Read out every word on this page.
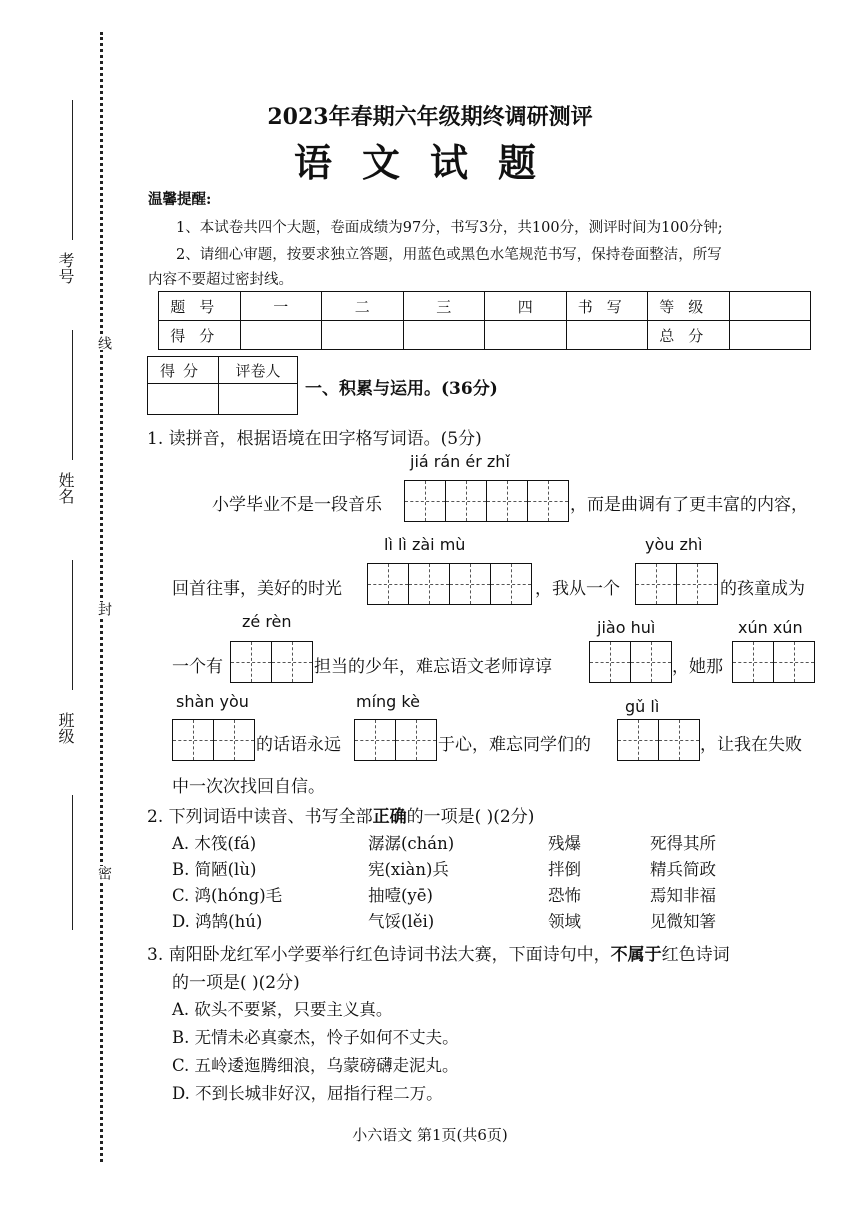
考号
姓名
班级
线
封
密
2023年春期六年级期终调研测评
语文试题
温馨提醒:
1、本试卷共四个大题，卷面成绩为97分，书写3分，共100分，测评时间为100分钟;
2、请细心审题，按要求独立答题，用蓝色或黑色水笔规范书写，保持卷面整洁，所写
内容不要超过密封线。
题号	一	二	三	四	书写	等级	
得分						总分	
得分	评卷人

一、积累与运用。(36分)
1. 读拼音，根据语境在田字格写词语。(5分)
jiá rán ér zhǐ
小学毕业不是一段音乐	，而是曲调有了更丰富的内容，
lì lì zài mù	yòu zhì
回首往事，美好的时光	，我从一个	的孩童成为
zé rèn	jiào huì	xún xún
一个有	担当的少年，难忘语文老师谆谆	，她那
shàn yòu	míng kè	gǔ lì
的话语永远	于心，难忘同学们的	，让我在失败
中一次次找回自信。
2. 下列词语中读音、书写全部正确的一项是( )(2分)
A. 木筏(fá)	潺潺(chán)	残爆	死得其所
B. 简陋(lù)	宪(xiàn)兵	拌倒	精兵简政
C. 鸿(hóng)毛	抽噎(yē)	恐怖	焉知非福
D. 鸿鹄(hú)	气馁(lěi)	领域	见微知箸
3. 南阳卧龙红军小学要举行红色诗词书法大赛，下面诗句中，不属于红色诗词
的一项是( )(2分)
A. 砍头不要紧，只要主义真。
B. 无情未必真豪杰，怜子如何不丈夫。
C. 五岭逶迤腾细浪，乌蒙磅礴走泥丸。
D. 不到长城非好汉，屈指行程二万。
小六语文 第1页(共6页)
